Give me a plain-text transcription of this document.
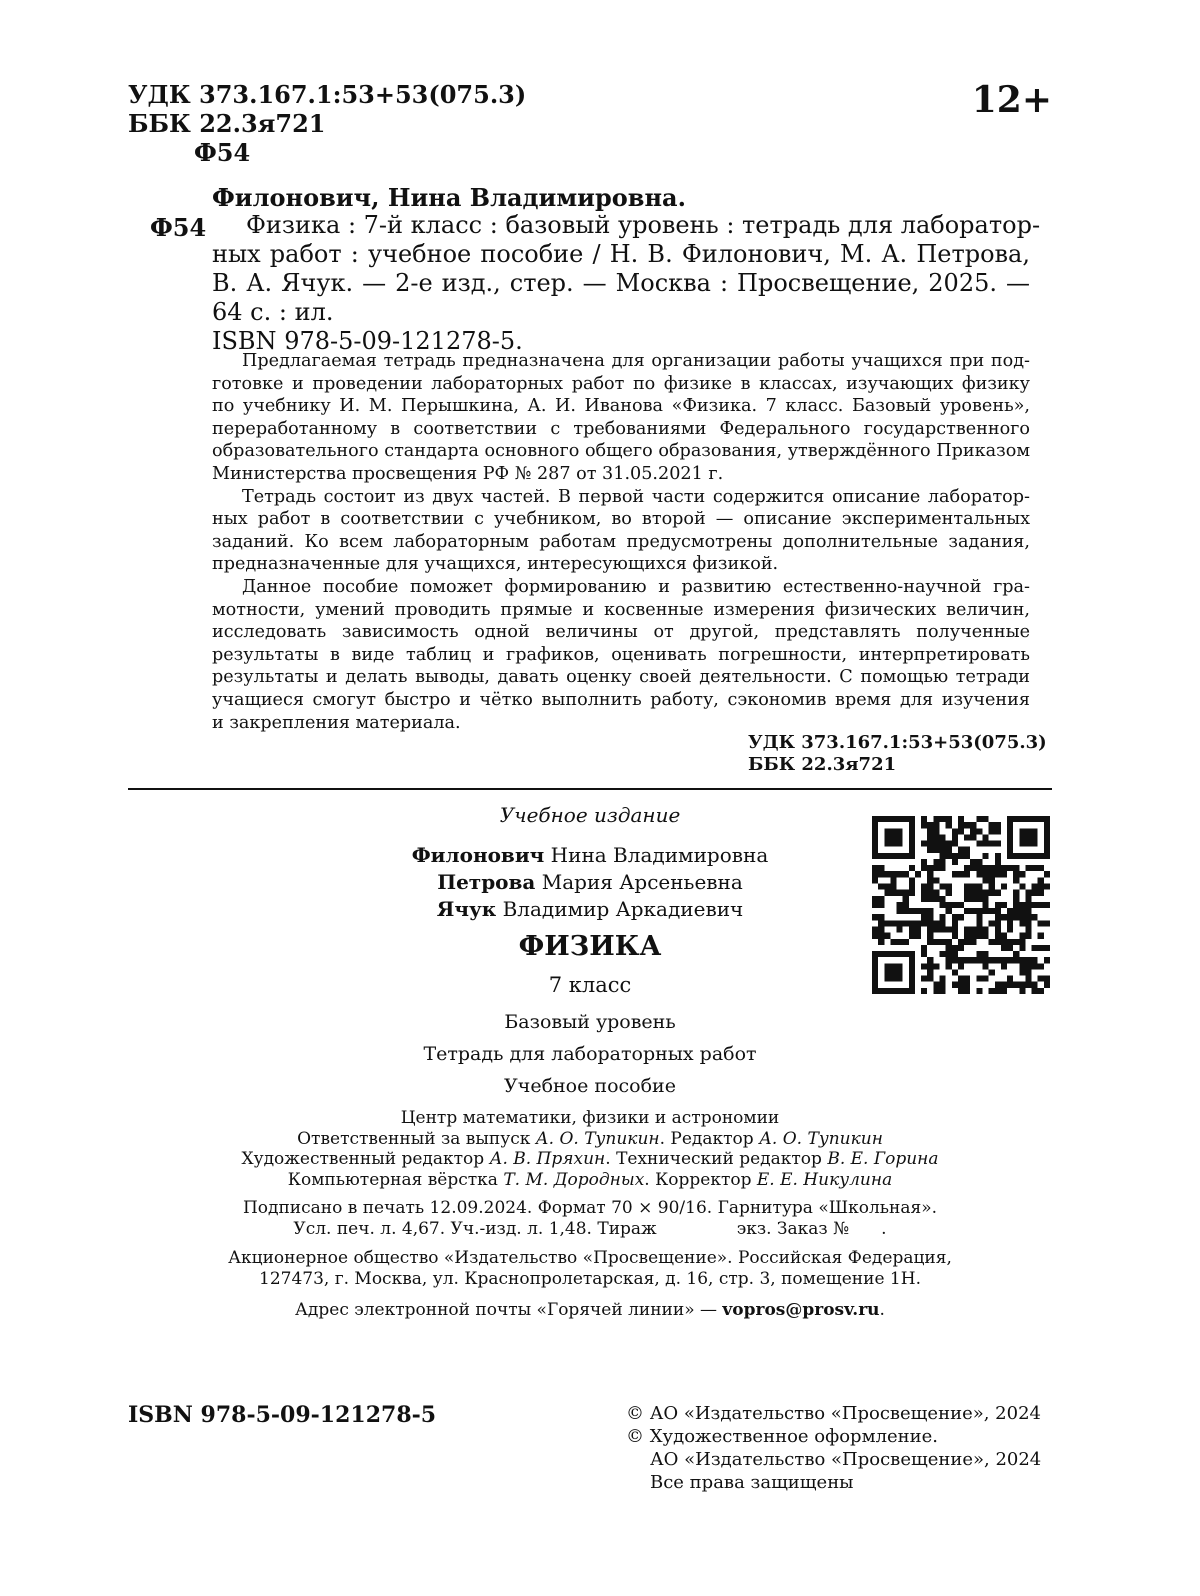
УДК 373.167.1:53+53(075.3)
ББК 22.3я721
Ф54
12+
Филонович, Нина Владимировна.
Ф54	Физика : 7-й класс : базовый уровень : тетрадь для лаборатор-
ных работ : учебное пособие / Н. В. Филонович, М. А. Петрова,
В. А. Ячук. — 2-е изд., стер. — Москва : Просвещение, 2025. —
64 с. : ил.
ISBN 978-5-09-121278-5.
Предлагаемая тетрадь предназначена для организации работы учащихся при под-
готовке и проведении лабораторных работ по физике в классах, изучающих физику
по учебнику И. М. Перышкина, А. И. Иванова «Физика. 7 класс. Базовый уровень»,
переработанному в соответствии с требованиями Федерального государственного
образовательного стандарта основного общего образования, утверждённого Приказом
Министерства просвещения РФ № 287 от 31.05.2021 г.
Тетрадь состоит из двух частей. В первой части содержится описание лаборатор-
ных работ в соответствии с учебником, во второй — описание экспериментальных
заданий. Ко всем лабораторным работам предусмотрены дополнительные задания,
предназначенные для учащихся, интересующихся физикой.
Данное пособие поможет формированию и развитию естественно-научной гра-
мотности, умений проводить прямые и косвенные измерения физических величин,
исследовать зависимость одной величины от другой, представлять полученные
результаты в виде таблиц и графиков, оценивать погрешности, интерпретировать
результаты и делать выводы, давать оценку своей деятельности. С помощью тетради
учащиеся смогут быстро и чётко выполнить работу, сэкономив время для изучения
и закрепления материала.
УДК 373.167.1:53+53(075.3)
ББК 22.3я721
Учебное издание
Филонович Нина Владимировна
Петрова Мария Арсеньевна
Ячук Владимир Аркадиевич
ФИЗИКА
7 класс
Базовый уровень
Тетрадь для лабораторных работ
Учебное пособие
Центр математики, физики и астрономии
Ответственный за выпуск А. О. Тупикин. Редактор А. О. Тупикин
Художественный редактор А. В. Пряхин. Технический редактор В. Е. Горина
Компьютерная вёрстка Т. М. Дородных. Корректор Е. Е. Никулина
Подписано в печать 12.09.2024. Формат 70 × 90/16. Гарнитура «Школьная».
Усл. печ. л. 4,67. Уч.-изд. л. 1,48. Тираж	экз. Заказ № .
Акционерное общество «Издательство «Просвещение». Российская Федерация,
127473, г. Москва, ул. Краснопролетарская, д. 16, стр. 3, помещение 1Н.
Адрес электронной почты «Горячей линии» — vopros@prosv.ru.
ISBN 978-5-09-121278-5	© АО «Издательство «Просвещение», 2024
© Художественное оформление.
АО «Издательство «Просвещение», 2024
Все права защищены
